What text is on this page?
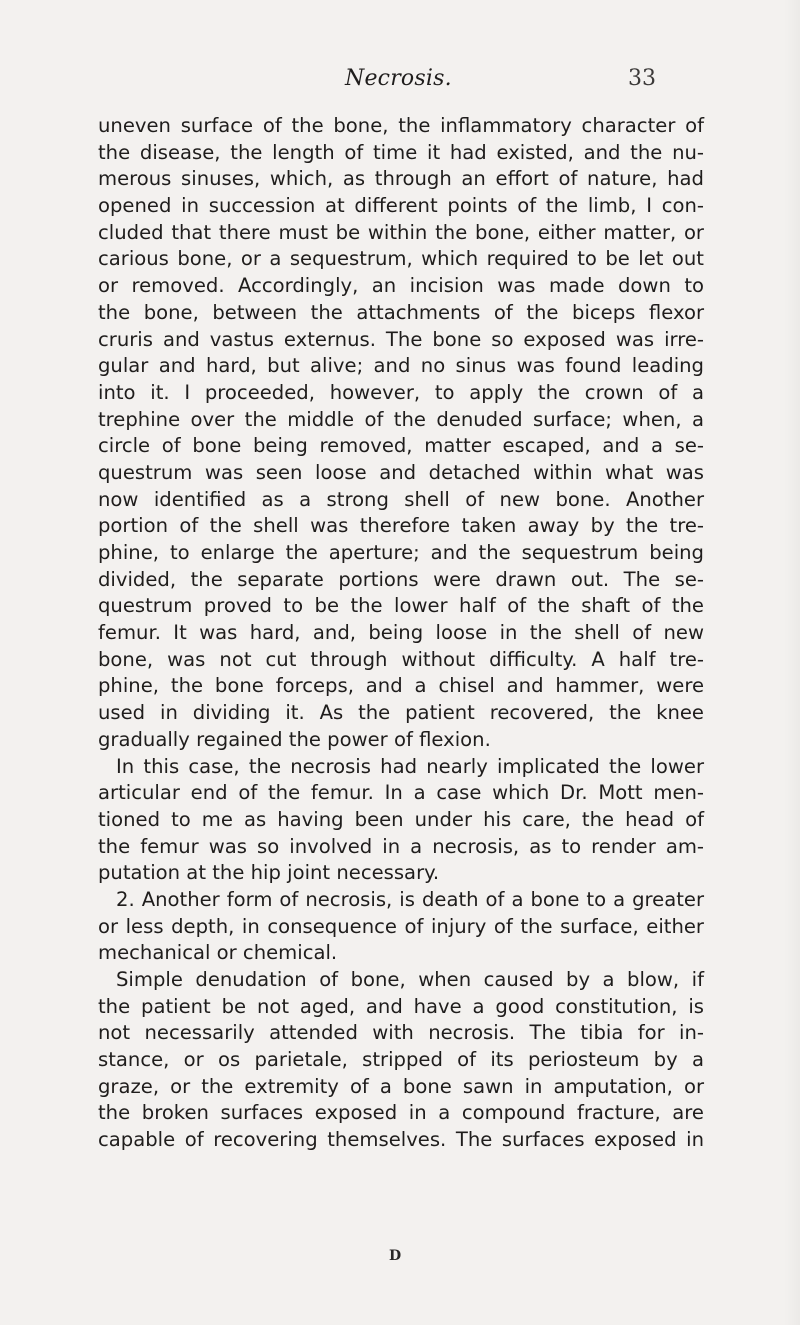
Necrosis.	33
uneven surface of the bone, the inflammatory character of
the disease, the length of time it had existed, and the nu-
merous sinuses, which, as through an effort of nature, had
opened in succession at different points of the limb, I con-
cluded that there must be within the bone, either matter, or
carious bone, or a sequestrum, which required to be let out
or removed. Accordingly, an incision was made down to
the bone, between the attachments of the biceps flexor
cruris and vastus externus. The bone so exposed was irre-
gular and hard, but alive; and no sinus was found leading
into it. I proceeded, however, to apply the crown of a
trephine over the middle of the denuded surface; when, a
circle of bone being removed, matter escaped, and a se-
questrum was seen loose and detached within what was
now identified as a strong shell of new bone. Another
portion of the shell was therefore taken away by the tre-
phine, to enlarge the aperture; and the sequestrum being
divided, the separate portions were drawn out. The se-
questrum proved to be the lower half of the shaft of the
femur. It was hard, and, being loose in the shell of new
bone, was not cut through without difficulty. A half tre-
phine, the bone forceps, and a chisel and hammer, were
used in dividing it. As the patient recovered, the knee
gradually regained the power of flexion.
In this case, the necrosis had nearly implicated the lower
articular end of the femur. In a case which Dr. Mott men-
tioned to me as having been under his care, the head of
the femur was so involved in a necrosis, as to render am-
putation at the hip joint necessary.
2. Another form of necrosis, is death of a bone to a greater
or less depth, in consequence of injury of the surface, either
mechanical or chemical.
Simple denudation of bone, when caused by a blow, if
the patient be not aged, and have a good constitution, is
not necessarily attended with necrosis. The tibia for in-
stance, or os parietale, stripped of its periosteum by a
graze, or the extremity of a bone sawn in amputation, or
the broken surfaces exposed in a compound fracture, are
capable of recovering themselves. The surfaces exposed in
D
